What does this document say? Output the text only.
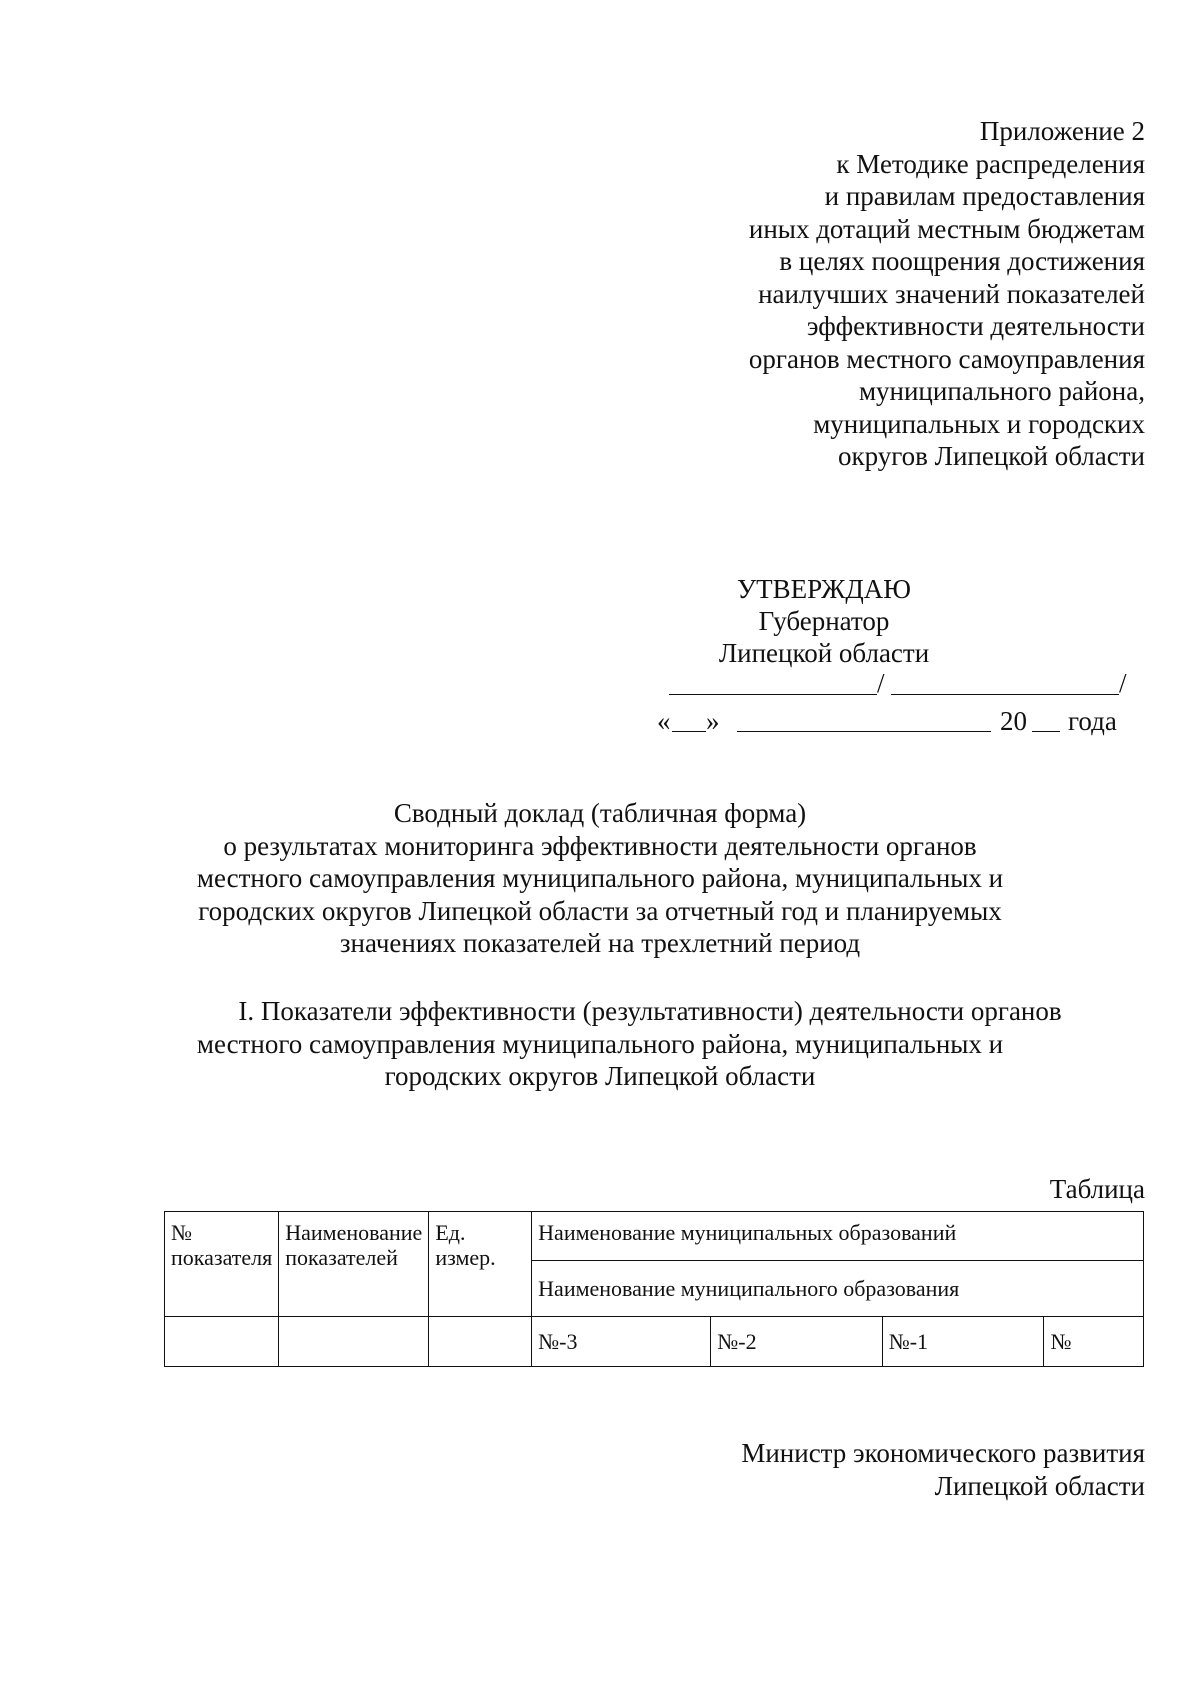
Приложение 2
к Методике распределения
и правилам предоставления
иных дотаций местным бюджетам
в целях поощрения достижения
наилучших значений показателей
эффективности деятельности
органов местного самоуправления
муниципального района,
муниципальных и городских
округов Липецкой области
УТВЕРЖДАЮ
Губернатор
Липецкой области
/	/
« »	20 года
Сводный доклад (табличная форма)
о результатах мониторинга эффективности деятельности органов
местного самоуправления муниципального района, муниципальных и
городских округов Липецкой области за отчетный год и планируемых
значениях показателей на трехлетний период
I. Показатели эффективности (результативности) деятельности органов
местного самоуправления муниципального района, муниципальных и
городских округов Липецкой области
Таблица
№ показателя	Наименование показателей	Ед. измер.	Наименование муниципальных образований			
			Наименование муниципального образования			
			№-3	№-2	№-1	№
Министр экономического развития
Липецкой области
